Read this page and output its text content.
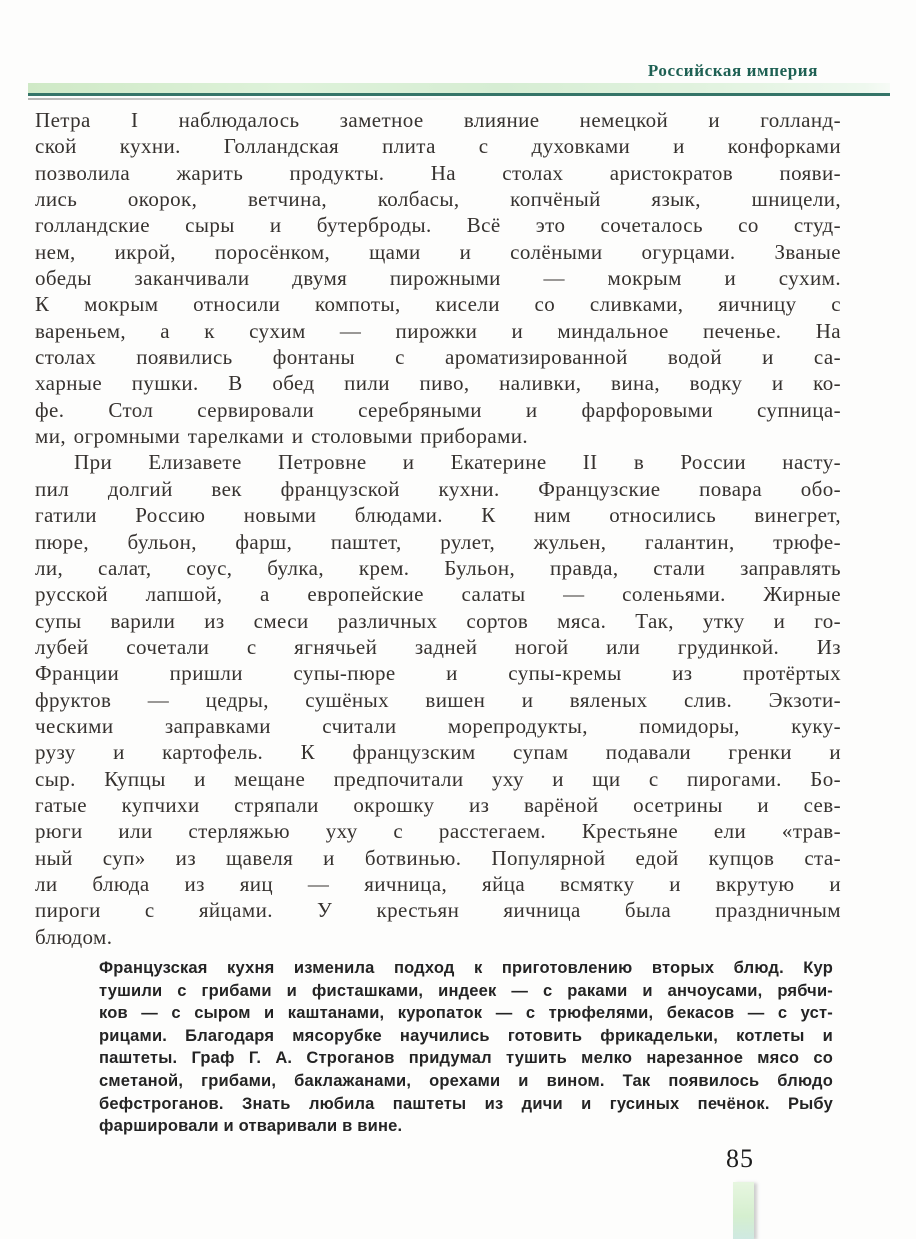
Российская империя
Петра I наблюдалось заметное влияние немецкой и голланд-
ской кухни. Голландская плита с духовками и конфорками
позволила жарить продукты. На столах аристократов появи-
лись окорок, ветчина, колбасы, копчёный язык, шницели,
голландские сыры и бутерброды. Всё это сочеталось со студ-
нем, икрой, поросёнком, щами и солёными огурцами. Званые
обеды заканчивали двумя пирожными — мокрым и сухим.
К мокрым относили компоты, кисели со сливками, яичницу с
вареньем, а к сухим — пирожки и миндальное печенье. На
столах появились фонтаны с ароматизированной водой и са-
харные пушки. В обед пили пиво, наливки, вина, водку и ко-
фе. Стол сервировали серебряными и фарфоровыми супница-
ми, огромными тарелками и столовыми приборами.
При Елизавете Петровне и Екатерине II в России насту-
пил долгий век французской кухни. Французские повара обо-
гатили Россию новыми блюдами. К ним относились винегрет,
пюре, бульон, фарш, паштет, рулет, жульен, галантин, трюфе-
ли, салат, соус, булка, крем. Бульон, правда, стали заправлять
русской лапшой, а европейские салаты — соленьями. Жирные
супы варили из смеси различных сортов мяса. Так, утку и го-
лубей сочетали с ягнячьей задней ногой или грудинкой. Из
Франции пришли супы-пюре и супы-кремы из протёртых
фруктов — цедры, сушёных вишен и вяленых слив. Экзоти-
ческими заправками считали морепродукты, помидоры, куку-
рузу и картофель. К французским супам подавали гренки и
сыр. Купцы и мещане предпочитали уху и щи с пирогами. Бо-
гатые купчихи стряпали окрошку из варёной осетрины и сев-
рюги или стерляжью уху с расстегаем. Крестьяне ели «трав-
ный суп» из щавеля и ботвинью. Популярной едой купцов ста-
ли блюда из яиц — яичница, яйца всмятку и вкрутую и
пироги с яйцами. У крестьян яичница была праздничным
блюдом.
Французская кухня изменила подход к приготовлению вторых блюд. Кур
тушили с грибами и фисташками, индеек — с раками и анчоусами, рябчи-
ков — с сыром и каштанами, куропаток — с трюфелями, бекасов — с уст-
рицами. Благодаря мясорубке научились готовить фрикадельки, котлеты и
паштеты. Граф Г. А. Строганов придумал тушить мелко нарезанное мясо со
сметаной, грибами, баклажанами, орехами и вином. Так появилось блюдо
бефстроганов. Знать любила паштеты из дичи и гусиных печёнок. Рыбу
фаршировали и отваривали в вине.
85
